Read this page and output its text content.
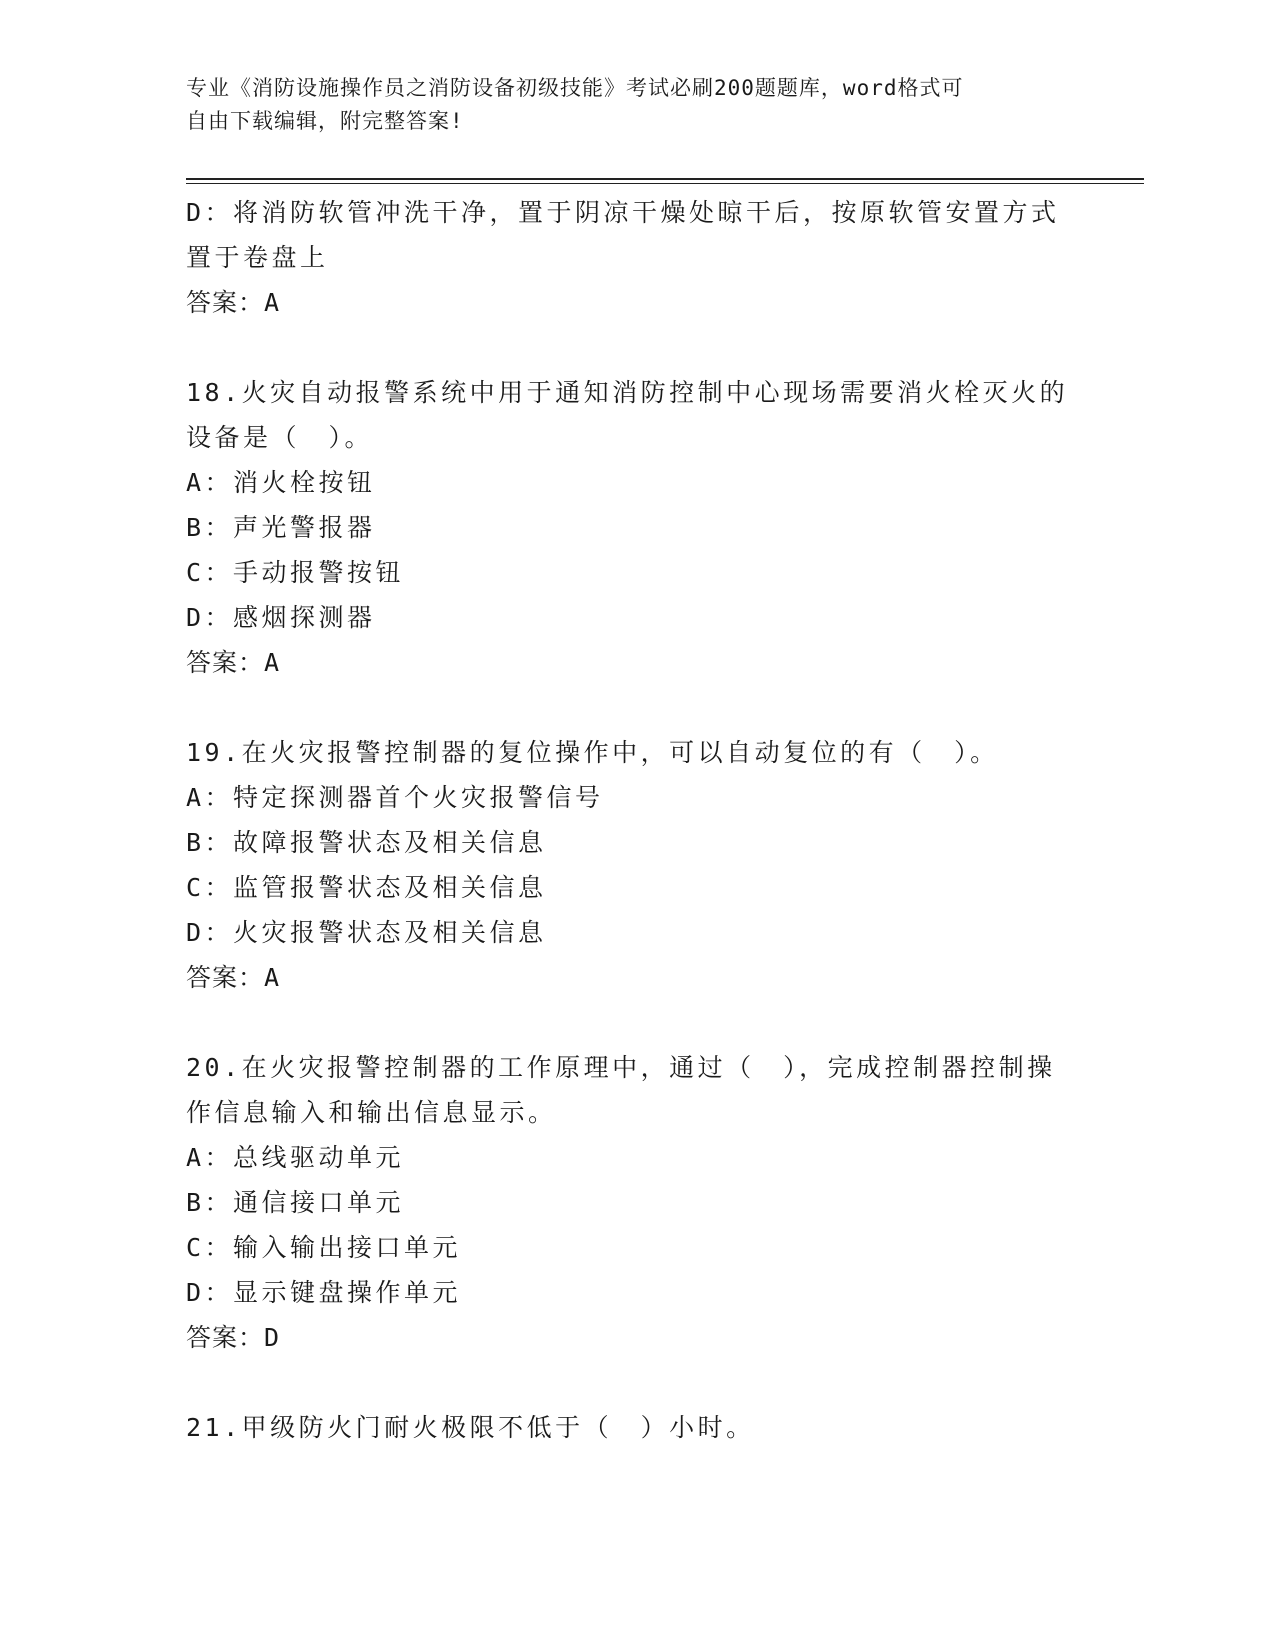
专业《消防设施操作员之消防设备初级技能》考试必刷200题题库，word格式可
自由下载编辑，附完整答案!
D：将消防软管冲洗干净，置于阴凉干燥处晾干后，按原软管安置方式
置于卷盘上
答案：A
18.火灾自动报警系统中用于通知消防控制中心现场需要消火栓灭火的
设备是（　）。
A：消火栓按钮
B：声光警报器
C：手动报警按钮
D：感烟探测器
答案：A
19.在火灾报警控制器的复位操作中，可以自动复位的有（　）。
A：特定探测器首个火灾报警信号
B：故障报警状态及相关信息
C：监管报警状态及相关信息
D：火灾报警状态及相关信息
答案：A
20.在火灾报警控制器的工作原理中，通过（　），完成控制器控制操
作信息输入和输出信息显示。
A：总线驱动单元
B：通信接口单元
C：输入输出接口单元
D：显示键盘操作单元
答案：D
21.甲级防火门耐火极限不低于（　）小时。
